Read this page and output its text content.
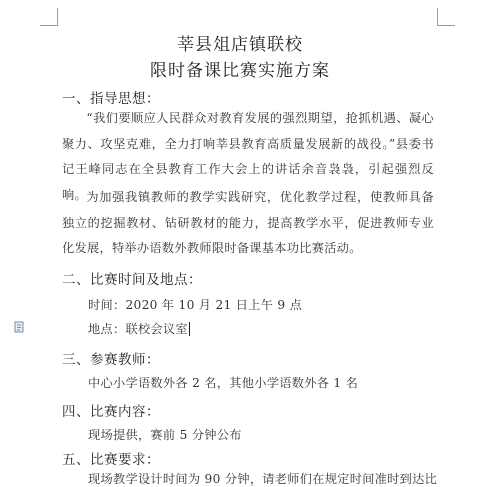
莘县俎店镇联校
限时备课比赛实施方案
一、指导思想：
“我们要顺应人民群众对教育发展的强烈期望，抢抓机遇、凝心聚力、攻坚克难，全力打响莘县教育高质量发展新的战役。”县委书记王峰同志在全县教育工作大会上的讲话余音袅袅，引起强烈反响。 为加强我镇教师的教学实践研究，优化教学过程，使教师具备独立的挖掘教材、钻研教材的能力，提高教学水平，促进教师专业化发展，特举办语数外教师限时备课基本功比赛活动。
二、比赛时间及地点：
时间：2020 年 10 月 21 日上午 9 点
地点：联校会议室
三、参赛教师：
中心小学语数外各 2 名，其他小学语数外各 1 名
四、比赛内容：
现场提供，赛前 5 分钟公布
五、比赛要求：
现场教学设计时间为 90 分钟，请老师们在规定时间准时到达比
